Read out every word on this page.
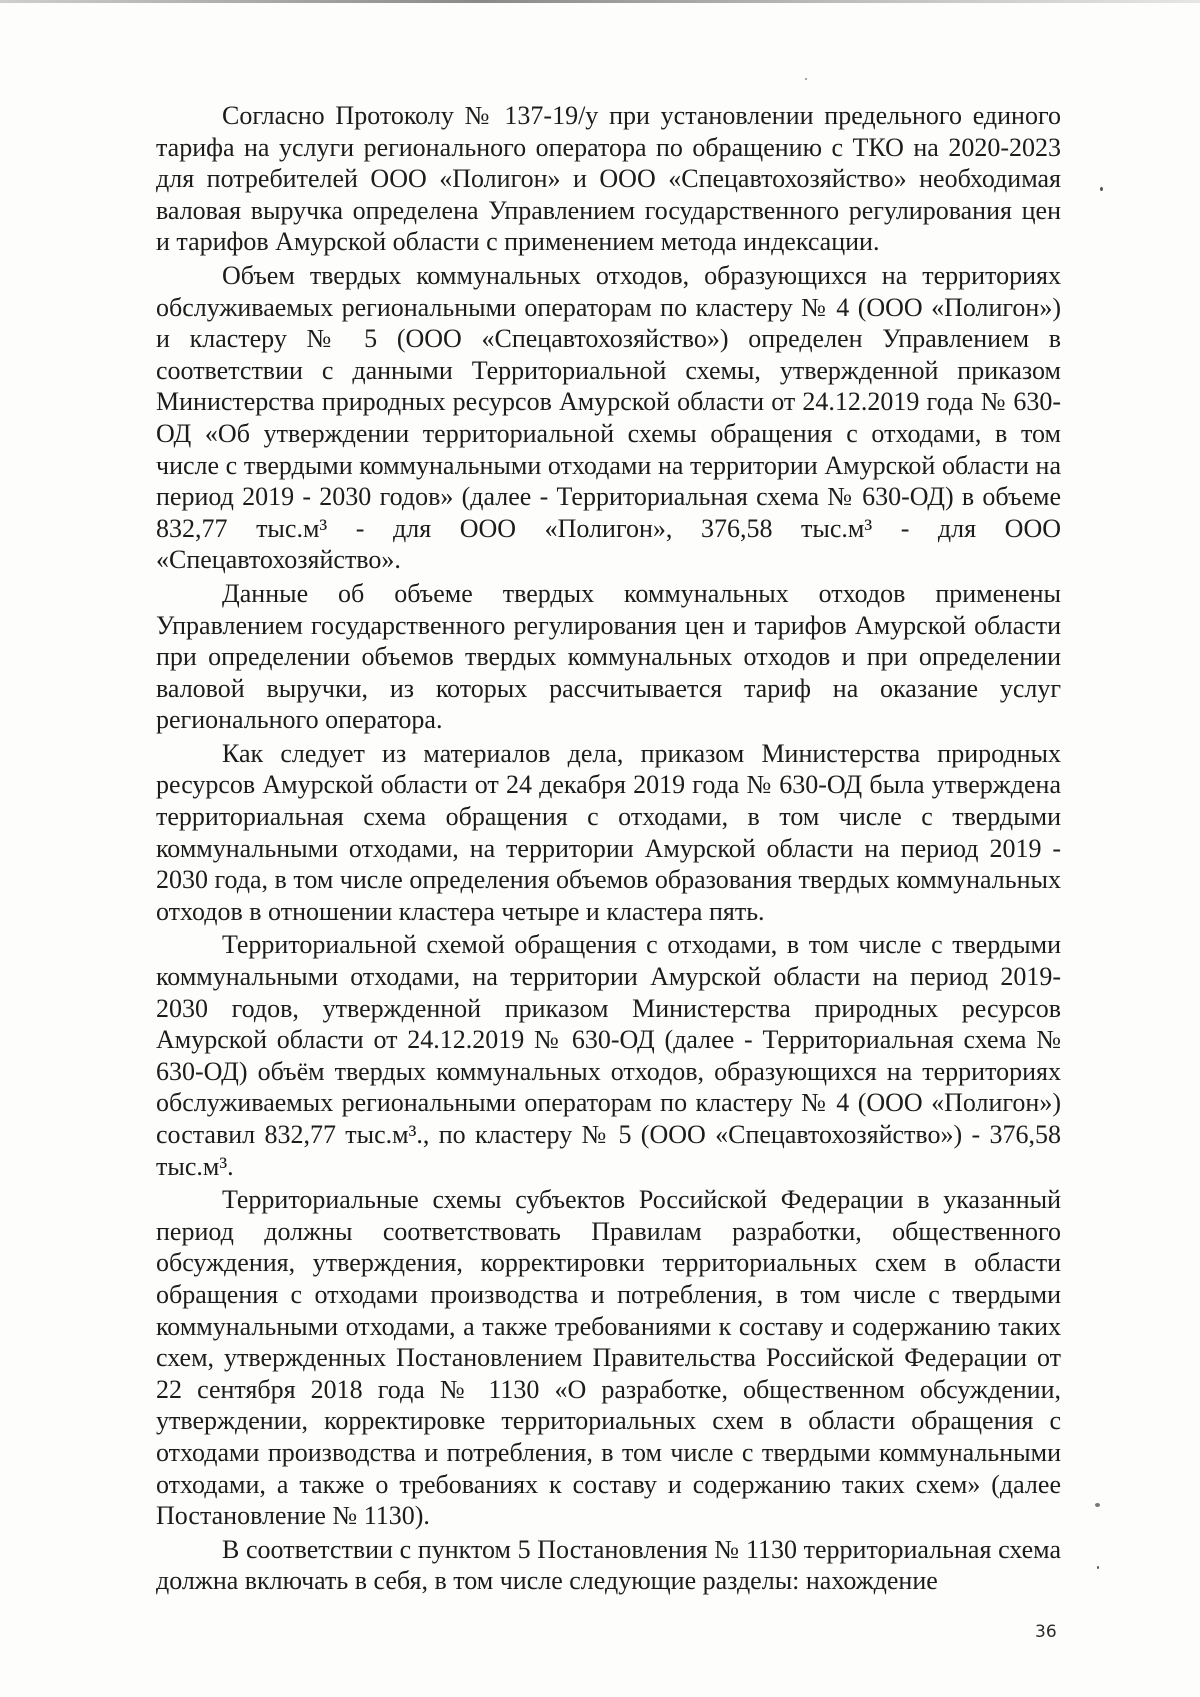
Согласно Протоколу № 137-19/у при установлении предельного единого тарифа на услуги регионального оператора по обращению с ТКО на 2020-2023 для потребителей ООО «Полигон» и ООО «Спецавтохозяйство» необходимая валовая выручка определена Управлением государственного регулирования цен и тарифов Амурской области с применением метода индексации.

Объем твердых коммунальных отходов, образующихся на территориях обслуживаемых региональными операторам по кластеру № 4 (ООО «Полигон») и кластеру № 5 (ООО «Спецавтохозяйство») определен Управлением в соответствии с данными Территориальной схемы, утвержденной приказом Министерства природных ресурсов Амурской области от 24.12.2019 года № 630-ОД «Об утверждении территориальной схемы обращения с отходами, в том числе с твердыми коммунальными отходами на территории Амурской области на период 2019 - 2030 годов» (далее - Территориальная схема № 630-ОД) в объеме 832,77 тыс.м³ - для ООО «Полигон», 376,58 тыс.м³ - для ООО «Спецавтохозяйство».

Данные об объеме твердых коммунальных отходов применены Управлением государственного регулирования цен и тарифов Амурской области при определении объемов твердых коммунальных отходов и при определении валовой выручки, из которых рассчитывается тариф на оказание услуг регионального оператора.

Как следует из материалов дела, приказом Министерства природных ресурсов Амурской области от 24 декабря 2019 года № 630-ОД была утверждена территориальная схема обращения с отходами, в том числе с твердыми коммунальными отходами, на территории Амурской области на период 2019 - 2030 года, в том числе определения объемов образования твердых коммунальных отходов в отношении кластера четыре и кластера пять.

Территориальной схемой обращения с отходами, в том числе с твердыми коммунальными отходами, на территории Амурской области на период 2019-2030 годов, утвержденной приказом Министерства природных ресурсов Амурской области от 24.12.2019 № 630-ОД (далее - Территориальная схема № 630-ОД) объём твердых коммунальных отходов, образующихся на территориях обслуживаемых региональными операторам по кластеру № 4 (ООО «Полигон») составил 832,77 тыс.м³., по кластеру № 5 (ООО «Спецавтохозяйство») - 376,58 тыс.м³.

Территориальные схемы субъектов Российской Федерации в указанный период должны соответствовать Правилам разработки, общественного обсуждения, утверждения, корректировки территориальных схем в области обращения с отходами производства и потребления, в том числе с твердыми коммунальными отходами, а также требованиями к составу и содержанию таких схем, утвержденных Постановлением Правительства Российской Федерации от 22 сентября 2018 года № 1130 «О разработке, общественном обсуждении, утверждении, корректировке территориальных схем в области обращения с отходами производства и потребления, в том числе с твердыми коммунальными отходами, а также о требованиях к составу и содержанию таких схем» (далее Постановление № 1130).

В соответствии с пунктом 5 Постановления № 1130 территориальная схема должна включать в себя, в том числе следующие разделы: нахождение

36
